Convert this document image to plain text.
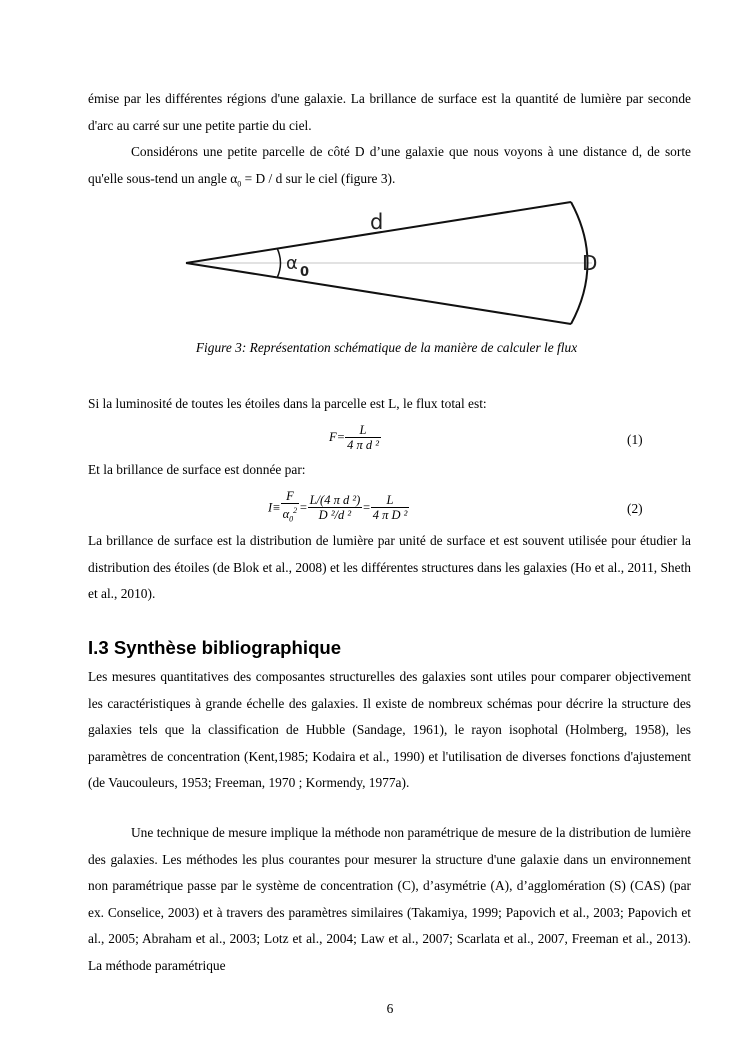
émise par les différentes régions d'une galaxie. La brillance de surface est la quantité de lumière par seconde d'arc au carré sur une petite partie du ciel.

Considérons une petite parcelle de côté D d’une galaxie que nous voyons à une distance d, de sorte qu'elle sous-tend un angle $\alpha_0 = D / d$ sur le ciel (figure 3).

d
α 0	D

Figure 3: Représentation schématique de la manière de calculer le flux

Si la luminosité de toutes les étoiles dans la parcelle est L, le flux total est:

$F= \frac{L}{\text{4 π d ²}}$	(1)

Et la brillance de surface est donnée par:

$I\equiv \frac{F}{\alpha_0^2} = \frac{\text{L/(4 π d ²)}}{\text{D ²/d ²}} = \frac{L}{\text{4 π D ²}}$	(2)

La brillance de surface est la distribution de lumière par unité de surface et est souvent utilisée pour étudier la distribution des étoiles (de Blok et al., 2008) et les différentes structures dans les galaxies (Ho et al., 2011, Sheth et al., 2010).

I.3 Synthèse bibliographique

Les mesures quantitatives des composantes structurelles des galaxies sont utiles pour comparer objectivement les caractéristiques à grande échelle des galaxies. Il existe de nombreux schémas pour décrire la structure des galaxies tels que la classification de Hubble (Sandage, 1961), le rayon isophotal (Holmberg, 1958), les paramètres de concentration (Kent,1985; Kodaira et al., 1990) et l'utilisation de diverses fonctions d'ajustement (de Vaucouleurs, 1953; Freeman, 1970 ; Kormendy, 1977a).

Une technique de mesure implique la méthode non paramétrique de mesure de la distribution de lumière des galaxies. Les méthodes les plus courantes pour mesurer la structure d'une galaxie dans un environnement non paramétrique passe par le système de concentration (C), d’asymétrie (A), d’agglomération (S) (CAS) (par ex. Conselice, 2003) et à travers des paramètres similaires (Takamiya, 1999; Papovich et al., 2003; Papovich et al., 2005; Abraham et al., 2003; Lotz et al., 2004; Law et al., 2007; Scarlata et al., 2007, Freeman et al., 2013). La méthode paramétrique

6
